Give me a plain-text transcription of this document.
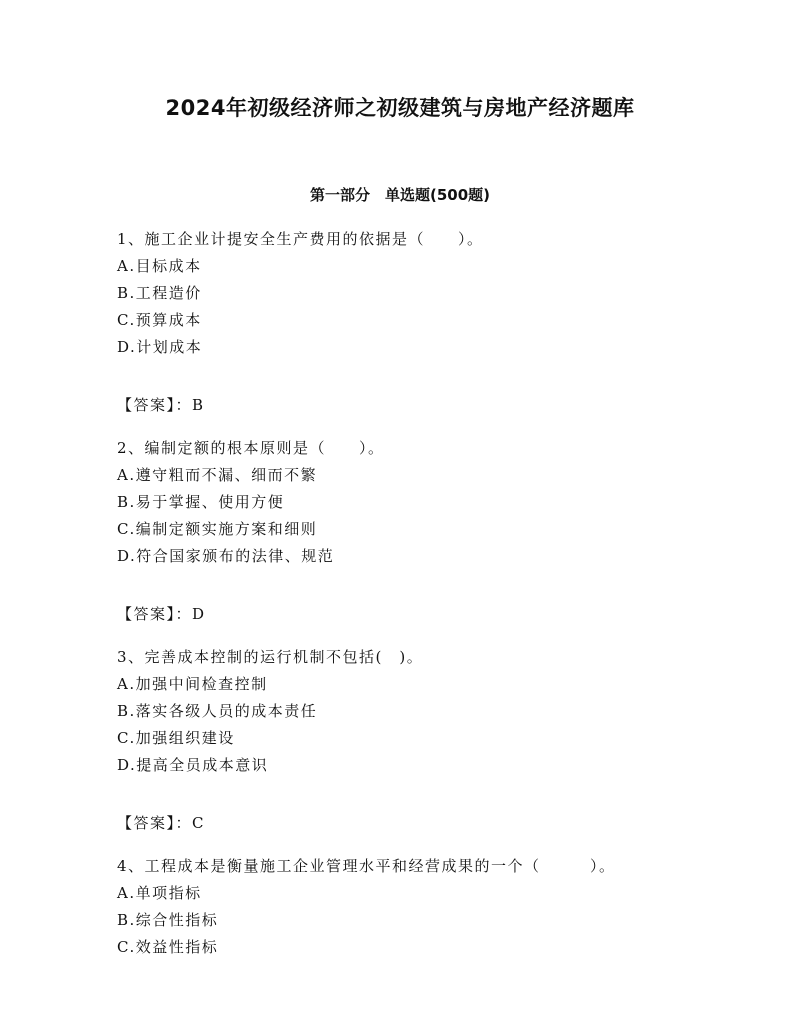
2024年初级经济师之初级建筑与房地产经济题库
第一部分　单选题(500题)

1、施工企业计提安全生产费用的依据是（　　）。

A.目标成本

B.工程造价

C.预算成本

D.计划成本

【答案】：B

2、编制定额的根本原则是（　　）。

A.遵守粗而不漏、细而不繁

B.易于掌握、使用方便

C.编制定额实施方案和细则

D.符合国家颁布的法律、规范

【答案】：D

3、完善成本控制的运行机制不包括(　)。

A.加强中间检查控制

B.落实各级人员的成本责任

C.加强组织建设

D.提高全员成本意识

【答案】：C

4、工程成本是衡量施工企业管理水平和经营成果的一个（　　　）。

A.单项指标

B.综合性指标

C.效益性指标
